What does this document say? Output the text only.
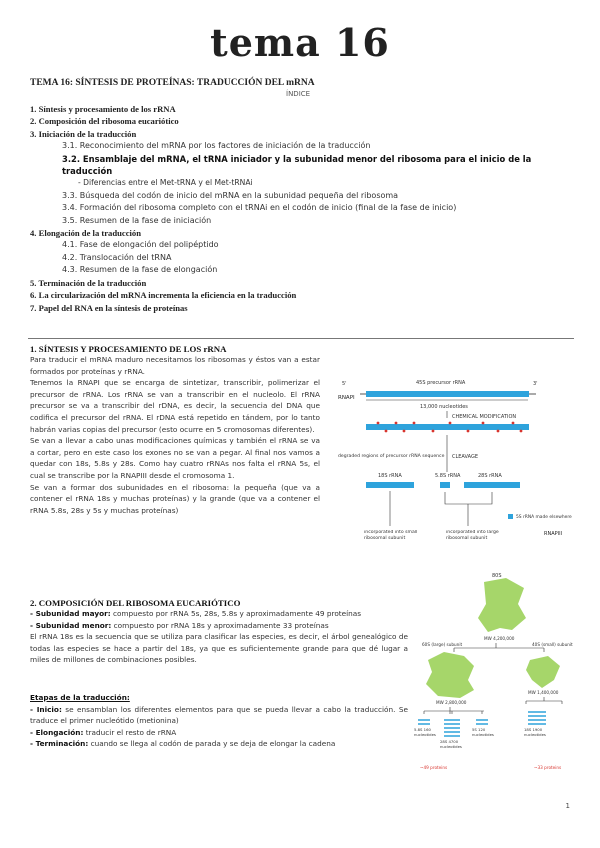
tema 16
TEMA 16: SÍNTESIS DE PROTEÍNAS: TRADUCCIÓN DEL mRNA
ÍNDICE
1. Síntesis y procesamiento de los rRNA
2. Composición del ribosoma eucariótico
3. Iniciación de la traducción
3.1. Reconocimiento del mRNA por los factores de iniciación de la traducción
3.2. Ensamblaje del mRNA, el tRNA iniciador y la subunidad menor del ribosoma para el inicio de la traducción
- Diferencias entre el Met-tRNA y el Met-tRNAi
3.3. Búsqueda del codón de inicio del mRNA en la subunidad pequeña del ribosoma
3.4. Formación del ribosoma completo con el tRNAi en el codón de inicio (final de la fase de inicio)
3.5. Resumen de la fase de iniciación
4. Elongación de la traducción
4.1. Fase de elongación del polipéptido
4.2. Translocación del tRNA
4.3. Resumen de la fase de elongación
5. Terminación de la traducción
6. La circularización del mRNA incrementa la eficiencia en la traducción
7. Papel del RNA en la síntesis de proteínas
1. SÍNTESIS Y PROCESAMIENTO DE LOS rRNA
Para traducir el mRNA maduro necesitamos los ribosomas y éstos van a estar formados por proteínas y rRNA.
Tenemos la RNAPI que se encarga de sintetizar, transcribir, polimerizar el precursor de rRNA. Los rRNA se van a transcribir en el nucleolo. El rRNA precursor se va a transcribir del rDNA, es decir, la secuencia del DNA que codifica el precursor del rRNA. El rDNA está repetido en tándem, por lo tanto habrán varias copias del precursor (esto ocurre en 5 cromosomas diferentes).
Se van a llevar a cabo unas modificaciones químicas y también el rRNA se va a cortar, pero en este caso los exones no se van a pegar. Al final nos vamos a quedar con 18s, 5.8s y 28s. Como hay cuatro rRNAs nos falta el rRNA 5s, el cual se transcribe por la RNAPIII desde el cromosoma 1.
Se van a formar dos subunidades en el ribosoma: la pequeña (que va a contener el rRNA 18s y muchas proteínas) y la grande (que va a contener el rRNA 5.8s, 28s y 5s y muchas proteínas)
5'	3'
45S precursor rRNA
RNAPI
13,000 nucleotides
CHEMICAL MODIFICATION
degraded regions of precursor rRNA sequence CLEAVAGE
18S rRNA	5.8S rRNA	28S rRNA
5S rRNA made elsewhere
RNAPIII
incorporated into small ribosomal subunit
incorporated into large ribosomal subunit
2. COMPOSICIÓN DEL RIBOSOMA EUCARIÓTICO
- Subunidad mayor: compuesto por rRNA 5s, 28s, 5.8s y aproximadamente 49 proteínas
- Subunidad menor: compuesto por rRNA 18s y aproximadamente 33 proteínas
El rRNA 18s es la secuencia que se utiliza para clasificar las especies, es decir, el árbol genealógico de todas las especies se hace a partir del 18s, ya que es suficientemente grande para que dé lugar a miles de millones de combinaciones posibles.
Etapas de la traducción:
- Inicio: se ensamblan los diferentes elementos para que se pueda llevar a cabo la traducción. Se traduce el primer nucleótido (metionina)
- Elongación: traducir el resto de rRNA
- Terminación: cuando se llega al codón de parada y se deja de elongar la cadena
80S
MW 4,200,000
60S (large) subunit	40S (small) subunit
MW 2,800,000
MW 1,400,000
5.8S 160 nucleotides
28S 4700 nucleotides
5S 120 nucleotides
18S 1900 nucleotides
~49 proteins	~33 proteins
1
